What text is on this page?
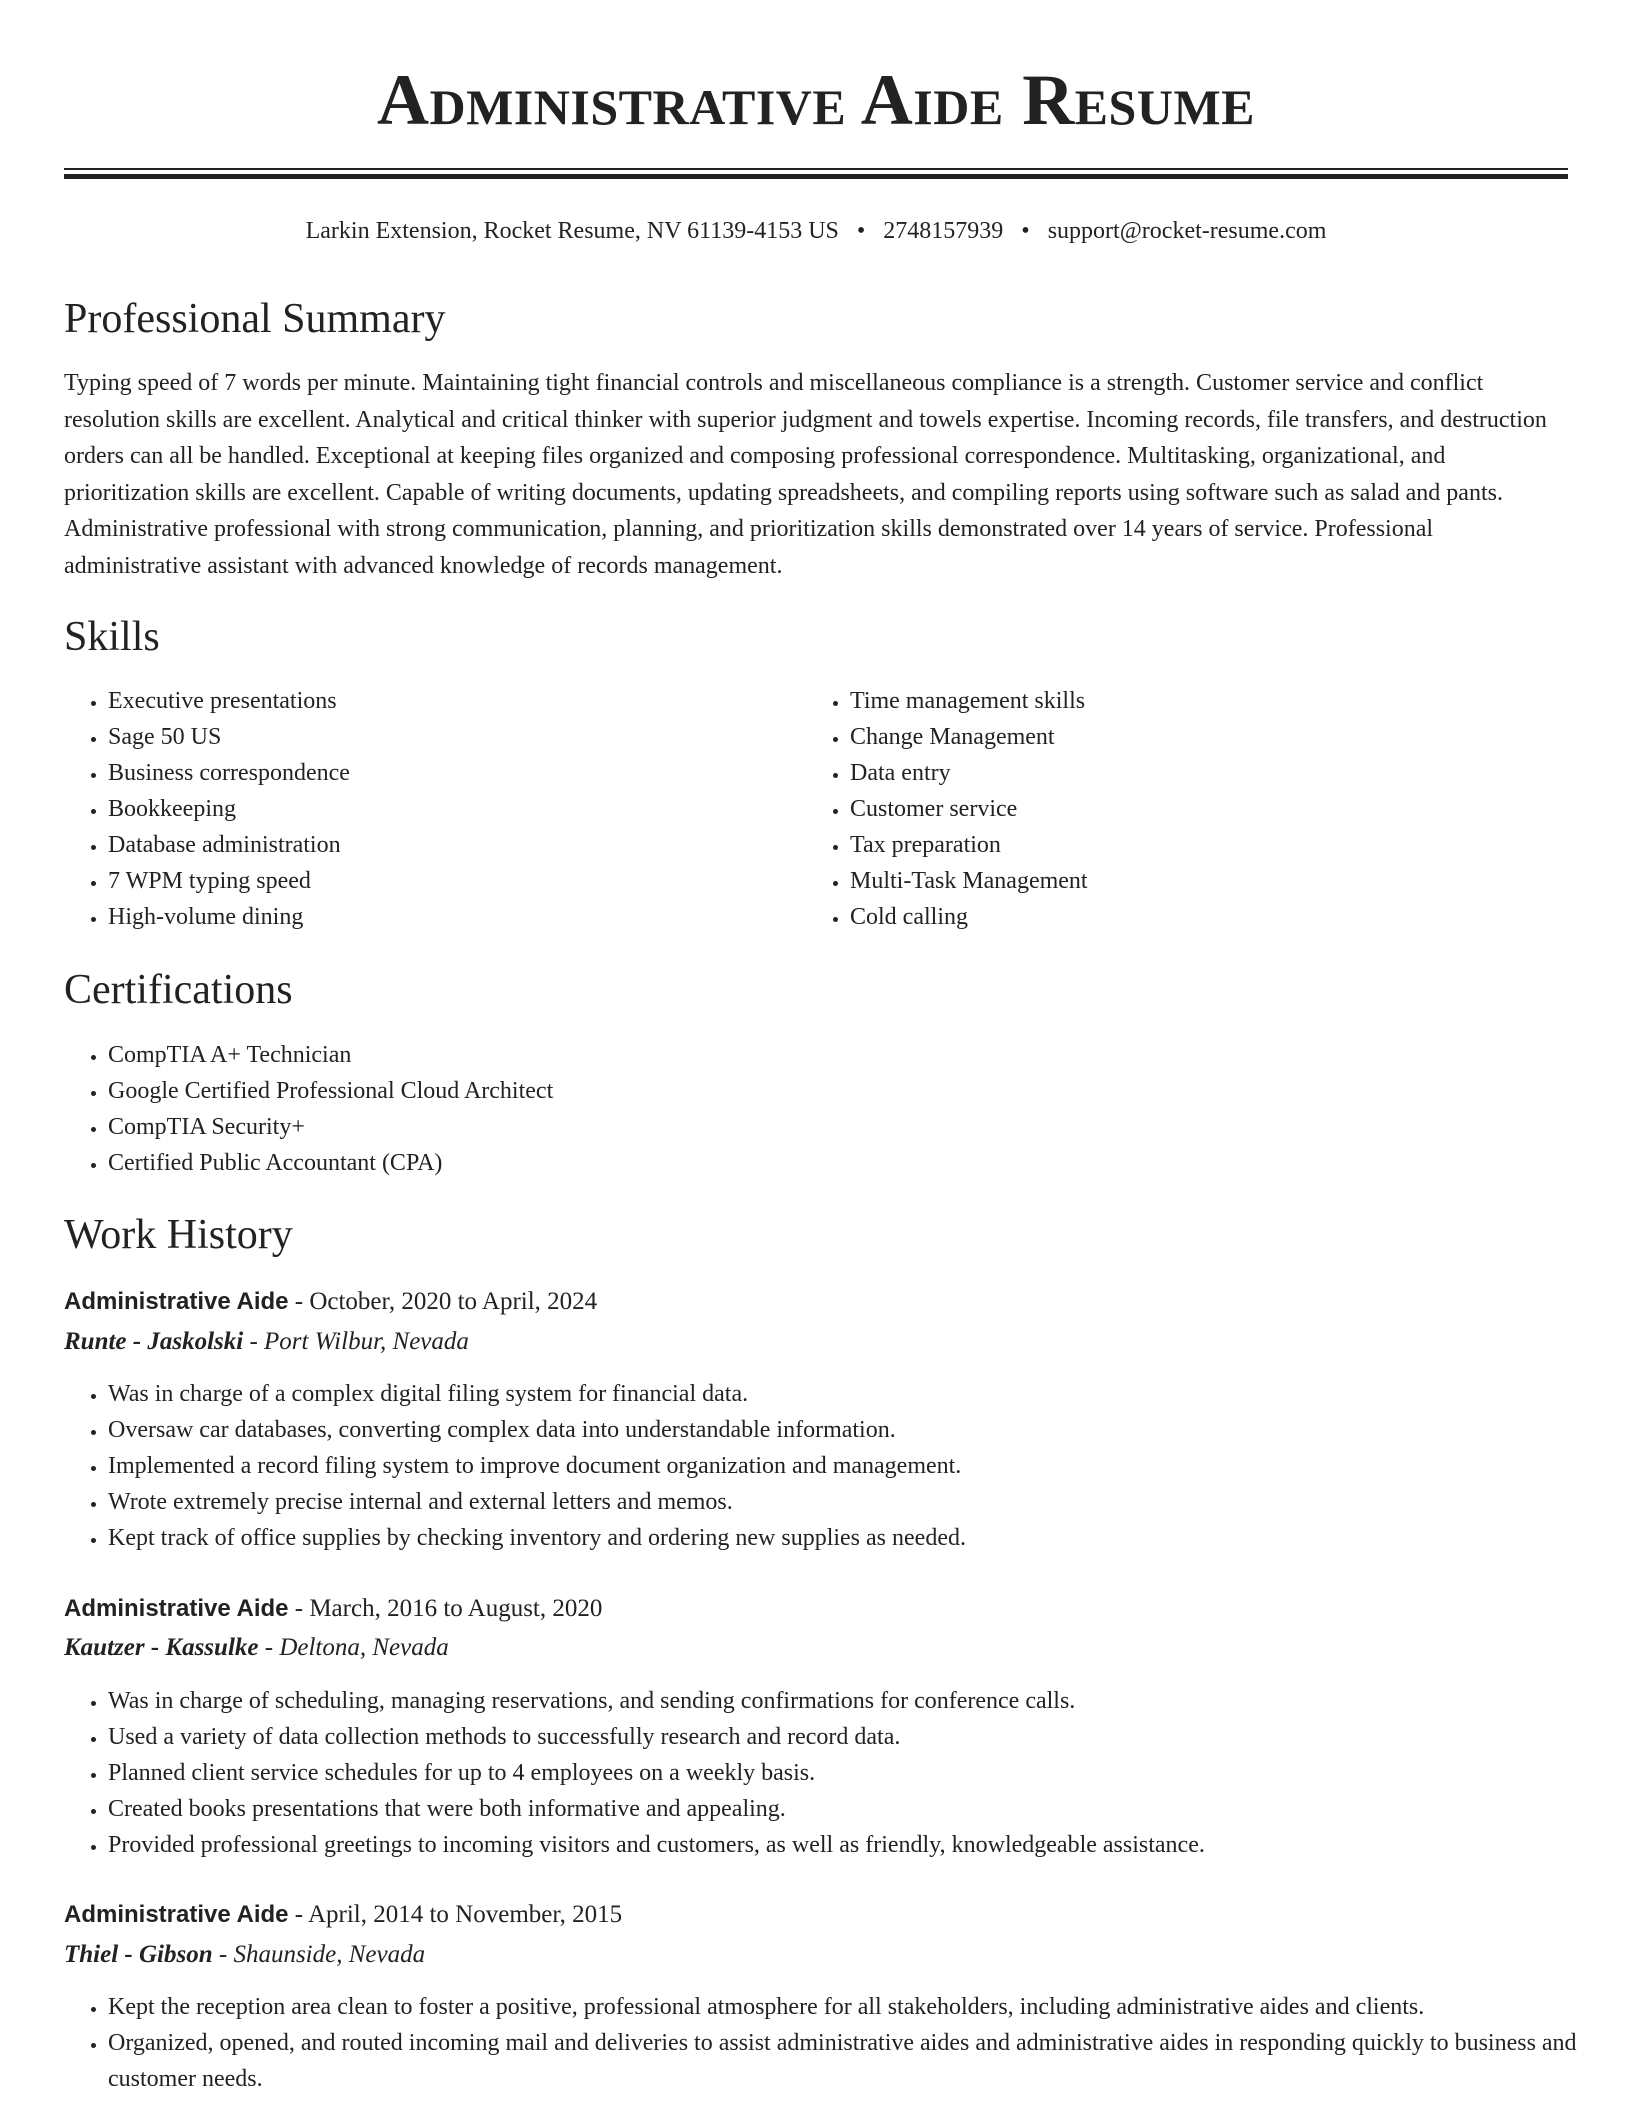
Administrative Aide Resume
Larkin Extension, Rocket Resume, NV 61139-4153 US • 2748157939 • support@rocket-resume.com
Professional Summary

Typing speed of 7 words per minute. Maintaining tight financial controls and miscellaneous compliance is a strength. Customer service and conflict resolution skills are excellent. Analytical and critical thinker with superior judgment and towels expertise. Incoming records, file transfers, and destruction orders can all be handled. Exceptional at keeping files organized and composing professional correspondence. Multitasking, organizational, and prioritization skills are excellent. Capable of writing documents, updating spreadsheets, and compiling reports using software such as salad and pants. Administrative professional with strong communication, planning, and prioritization skills demonstrated over 14 years of service. Professional administrative assistant with advanced knowledge of records management.

Skills
• Executive presentations
• Sage 50 US
• Business correspondence
• Bookkeeping
• Database administration
• 7 WPM typing speed
• High-volume dining
• Time management skills
• Change Management
• Data entry
• Customer service
• Tax preparation
• Multi-Task Management
• Cold calling
Certifications
• CompTIA A+ Technician
• Google Certified Professional Cloud Architect
• CompTIA Security+
• Certified Public Accountant (CPA)
Work History
Administrative Aide - October, 2020 to April, 2024
Runte - Jaskolski - Port Wilbur, Nevada
• Was in charge of a complex digital filing system for financial data.
• Oversaw car databases, converting complex data into understandable information.
• Implemented a record filing system to improve document organization and management.
• Wrote extremely precise internal and external letters and memos.
• Kept track of office supplies by checking inventory and ordering new supplies as needed.
Administrative Aide - March, 2016 to August, 2020
Kautzer - Kassulke - Deltona, Nevada
• Was in charge of scheduling, managing reservations, and sending confirmations for conference calls.
• Used a variety of data collection methods to successfully research and record data.
• Planned client service schedules for up to 4 employees on a weekly basis.
• Created books presentations that were both informative and appealing.
• Provided professional greetings to incoming visitors and customers, as well as friendly, knowledgeable assistance.
Administrative Aide - April, 2014 to November, 2015
Thiel - Gibson - Shaunside, Nevada
• Kept the reception area clean to foster a positive, professional atmosphere for all stakeholders, including administrative aides and clients.
• Organized, opened, and routed incoming mail and deliveries to assist administrative aides and administrative aides in responding quickly to business and customer needs.
